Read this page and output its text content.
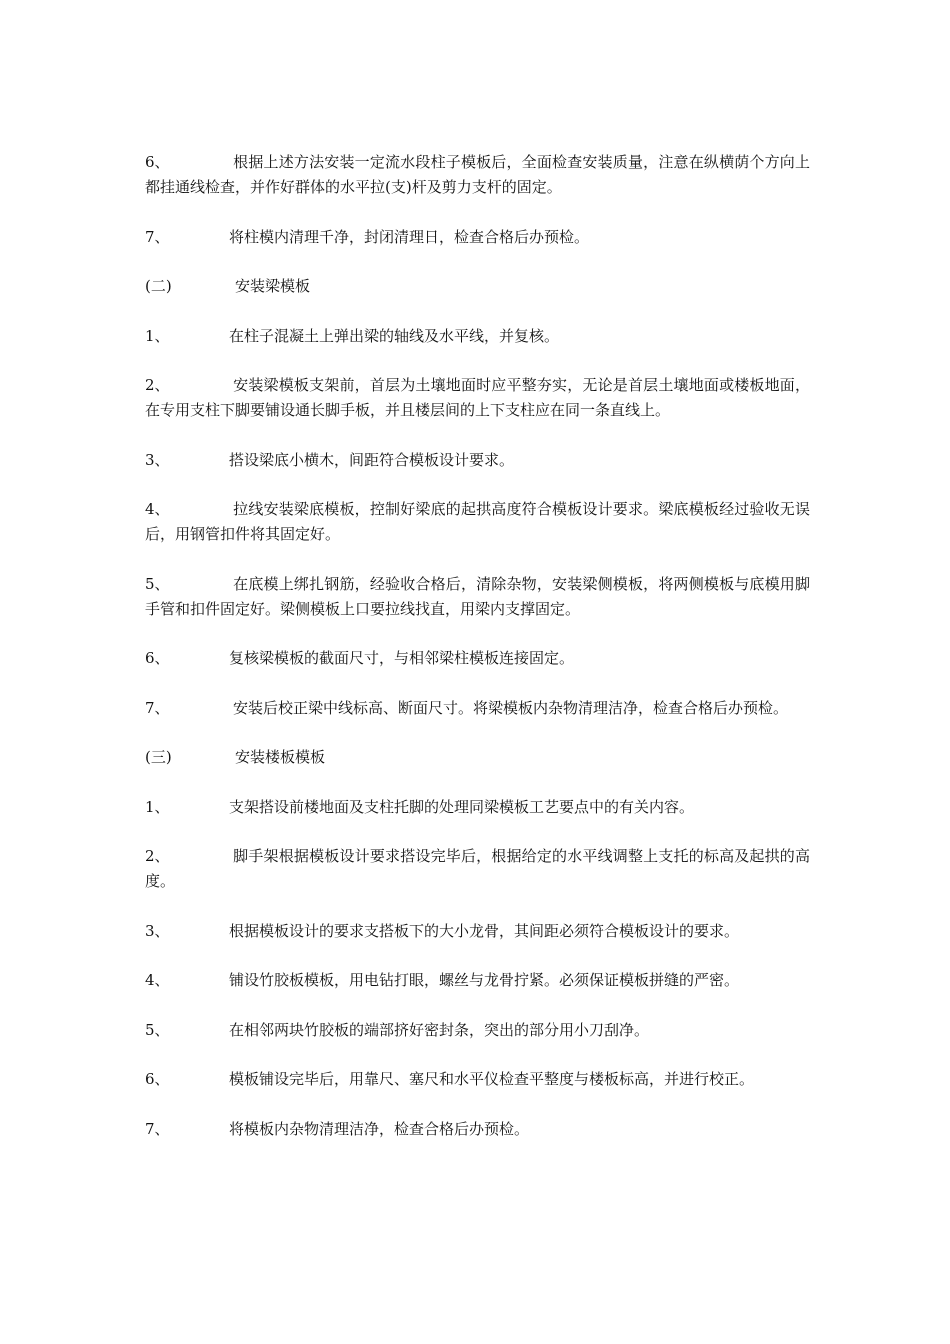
6、	根据上述方法安装一定流水段柱子模板后，全面检查安装质量，注意在纵横荫个方向上都挂通线检查，并作好群体的水平拉(支)杆及剪力支杆的固定。

7、	将柱模内清理千净，封闭清理日，检查合格后办预检。

(二)	安装梁模板

1、	在柱子混凝土上弹出梁的轴线及水平线，并复核。

2、	安装梁模板支架前，首层为土壤地面时应平整夯实，无论是首层土壤地面或楼板地面，在专用支柱下脚要铺设通长脚手板，并且楼层间的上下支柱应在同一条直线上。

3、	搭设梁底小横木，间距符合模板设计要求。

4、	拉线安装梁底模板，控制好梁底的起拱高度符合模板设计要求。梁底模板经过验收无误后，用钢管扣件将其固定好。

5、	在底模上绑扎钢筋，经验收合格后，清除杂物，安装梁侧模板，将两侧模板与底模用脚手管和扣件固定好。梁侧模板上口要拉线找直，用梁内支撑固定。

6、	复核梁模板的截面尺寸，与相邻梁柱模板连接固定。

7、	安装后校正梁中线标高、断面尺寸。将梁模板内杂物清理洁净，检查合格后办预检。

(三)	安装楼板模板

1、	支架搭设前楼地面及支柱托脚的处理同梁模板工艺要点中的有关内容。

2、	脚手架根据模板设计要求搭设完毕后，根据给定的水平线调整上支托的标高及起拱的高度。

3、	根据模板设计的要求支搭板下的大小龙骨，其间距必须符合模板设计的要求。

4、	铺设竹胶板模板，用电钻打眼，螺丝与龙骨拧紧。必须保证模板拼缝的严密。

5、	在相邻两块竹胶板的端部挤好密封条，突出的部分用小刀刮净。

6、	模板铺设完毕后，用靠尺、塞尺和水平仪检查平整度与楼板标高，并进行校正。

7、	将模板内杂物清理洁净，检查合格后办预检。
